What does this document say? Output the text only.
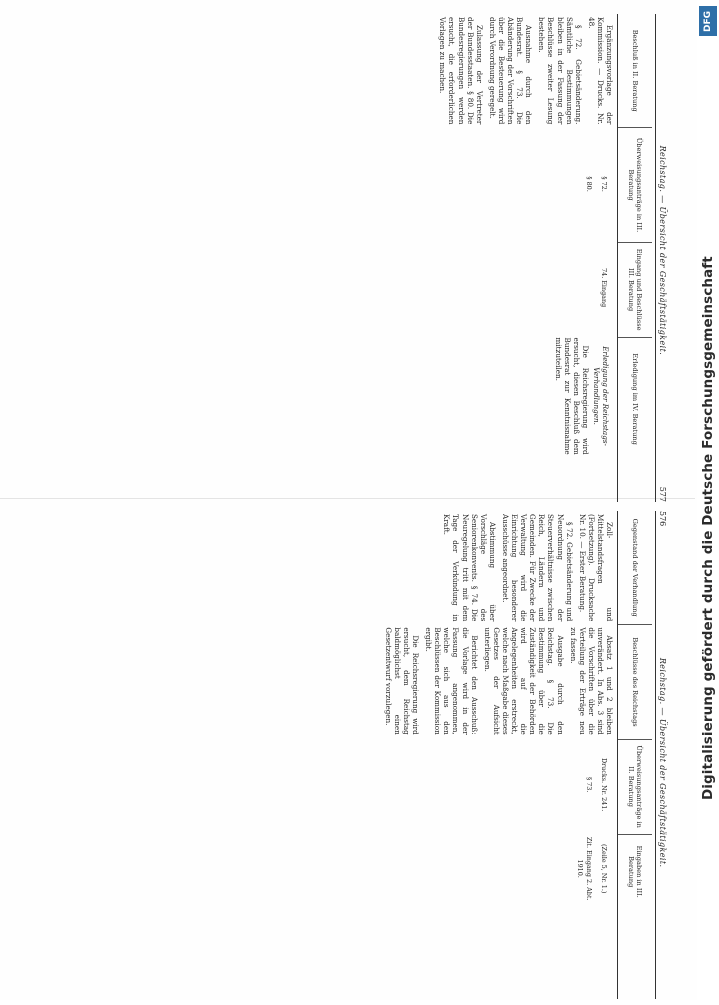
576
Reichstag. — Übersicht der Geschäftstätigkeit.
Gegenstand der Verhandlung
Beschlüsse des Reichstags
Überweisungsanträge in II. Beratung
Eingaben in III. Beratung

Zoll- und Mittelstandsfragen (Fortsetzung). Drucksache Nr. 10. — Erster Beratung.

§ 72. Gebietsänderung und Neuordnung der Steuerverhältnisse zwischen Reich, Ländern und Gemeinden. Für Zwecke der Verwaltung wird die Einrichtung besonderer Ausschüsse angeordnet.

Abstimmung über Vorschläge des Seniorenkonvents. § 74. Die Neuregelung tritt mit dem Tage der Verkündung in Kraft.

Absatz 1 und 2 bleiben unverändert. In Abs. 3 sind die Vorschriften über die Verteilung der Erträge neu zu fassen.

Ausgabe durch den Reichstag. § 73. Die Bestimmung über die Zuständigkeit der Behörden wird auf die Angelegenheiten erstreckt, welche nach Maßgabe dieses Gesetzes der Aufsicht unterliegen.

Berichtet den Ausschuß: die Vorlage wird in der Fassung angenommen, welche sich aus den Beschlüssen der Kommission ergibt.

Die Reichsregierung wird ersucht, dem Reichstag baldmöglichst einen Gesetzentwurf vorzulegen.

Drucks. Nr. 241.

§ 73.

(Zeile 5, Nr. 1.)

Zit. Eingang 2. Abt. 1910.

Reichstag. — Übersicht der Geschäftstätigkeit.
577
Beschluß in II. Beratung
Überweisungsanträge in III. Beratung
Eingang und Beschlüsse III. Beratung
Erledigung im IV. Beratung

Ergänzungsvorlage der Kommission. — Drucks. Nr. 48.

§ 72. Gebietsänderung. Sämtliche Bestimmungen bleiben in der Fassung der Beschlüsse zweiter Lesung bestehen.

Ausnahme durch den Bundesrat. § 73. Die Abänderung der Vorschriften über die Besteuerung wird durch Verordnung geregelt.

Zulassung der Vertreter der Bundesstaaten. § 80. Die Bundesregierungen werden ersucht, die erforderlichen Vorlagen zu machen.

§ 72.

§ 80.

74. Eingang

Erledigung der Reichstags- Verhandlungen.

Die Reichsregierung wird ersucht, diesen Beschluß dem Bundesrat zur Kenntnisnahme mitzuteilen.

DFG
Digitalisierung gefördert durch die Deutsche Forschungsgemeinschaft
